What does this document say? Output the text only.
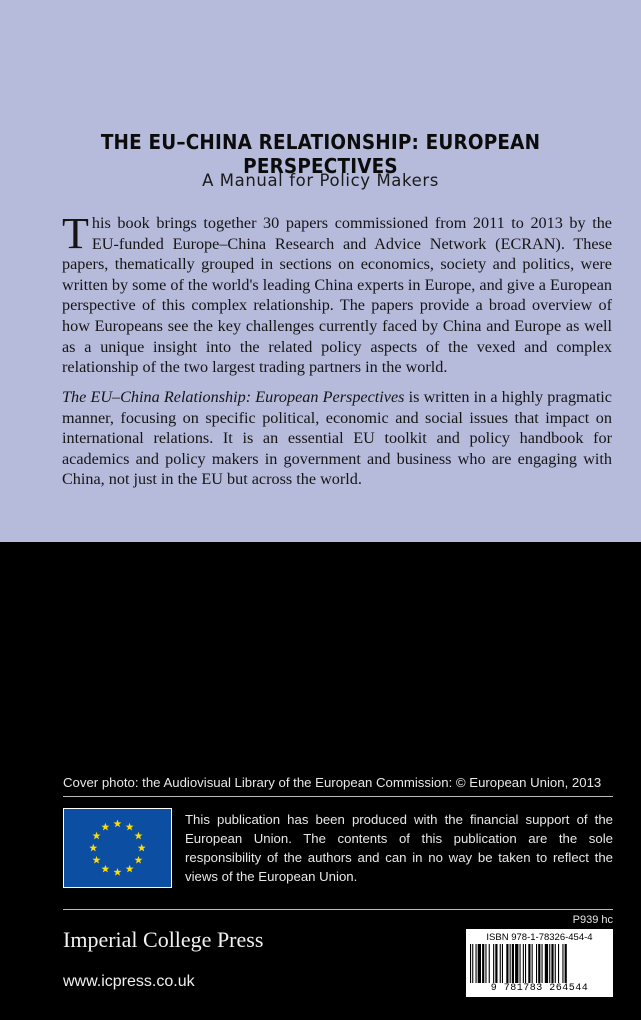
THE EU–CHINA RELATIONSHIP: EUROPEAN PERSPECTIVES
A Manual for Policy Makers

This book brings together 30 papers commissioned from 2011 to 2013 by the EU-funded Europe–China Research and Advice Network (ECRAN). These papers, thematically grouped in sections on economics, society and politics, were written by some of the world's leading China experts in Europe, and give a European perspective of this complex relationship. The papers provide a broad overview of how Europeans see the key challenges currently faced by China and Europe as well as a unique insight into the related policy aspects of the vexed and complex relationship of the two largest trading partners in the world.

The EU–China Relationship: European Perspectives is written in a highly pragmatic manner, focusing on specific political, economic and social issues that impact on international relations. It is an essential EU toolkit and policy handbook for academics and policy makers in government and business who are engaging with China, not just in the EU but across the world.

Cover photo: the Audiovisual Library of the European Commission: © European Union, 2013

This publication has been produced with the financial support of the European Union. The contents of this publication are the sole responsibility of the authors and can in no way be taken to reflect the views of the European Union.

P939 hc
Imperial College Press
www.icpress.co.uk
ISBN 978-1-78326-454-4
9 781783 264544
